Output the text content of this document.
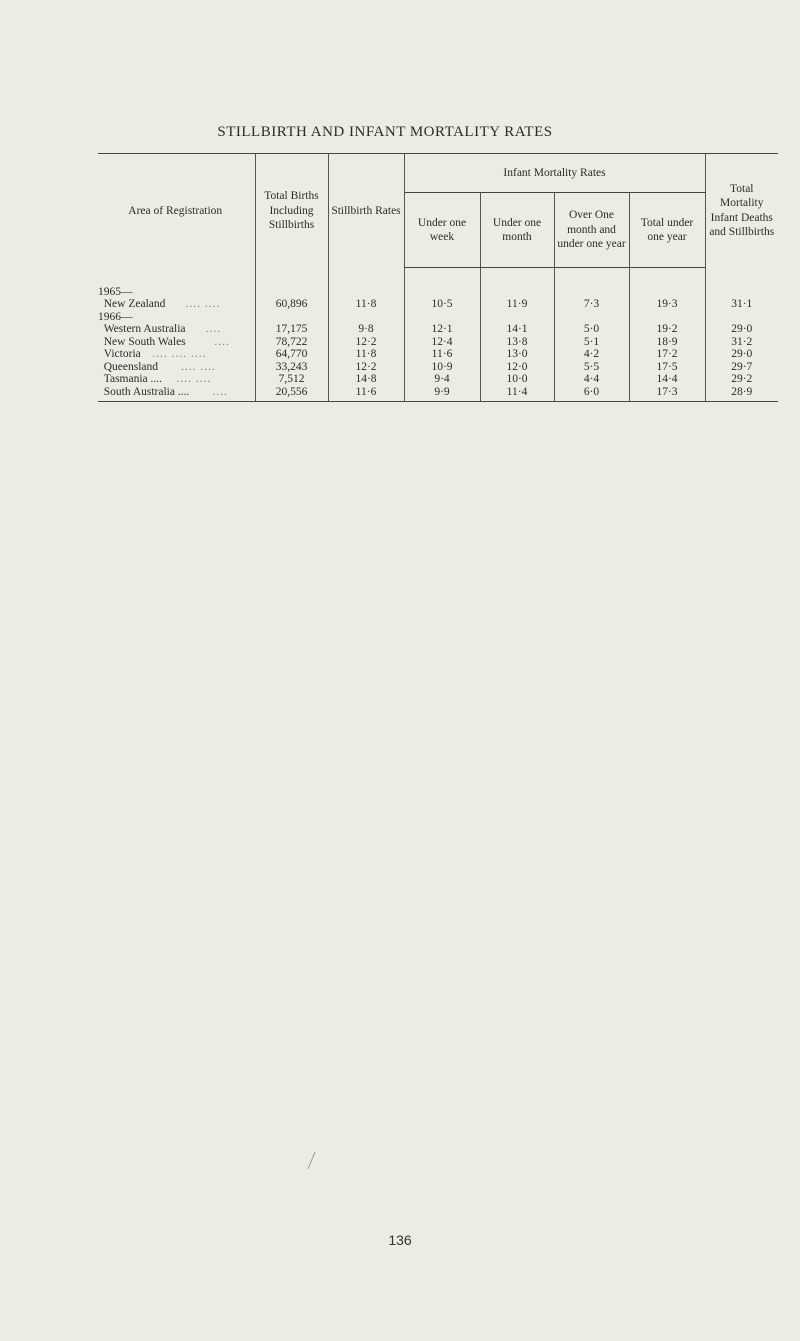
STILLBIRTH AND INFANT MORTALITY RATES
Area of Registration	Total Births Including Stillbirths	Stillbirth Rates	Infant Mortality Rates				Total Mortality Infant Deaths and Stillbirths
			Under one week	Under one month	Over One month and under one year	Total under one year	

1965—							
New Zealand .... ....	60,896	11·8	10·5	11·9	7·3	19·3	31·1
1966—							
Western Australia ....	17,175	9·8	12·1	14·1	5·0	19·2	29·0
New South Wales ....	78,722	12·2	12·4	13·8	5·1	18·9	31·2
Victoria .... .... ....	64,770	11·8	11·6	13·0	4·2	17·2	29·0
Queensland .... ....	33,243	12·2	10·9	12·0	5·5	17·5	29·7
Tasmania .... .... ....	7,512	14·8	9·4	10·0	4·4	14·4	29·2
South Australia .... ....	20,556	11·6	9·9	11·4	6·0	17·3	28·9
136
